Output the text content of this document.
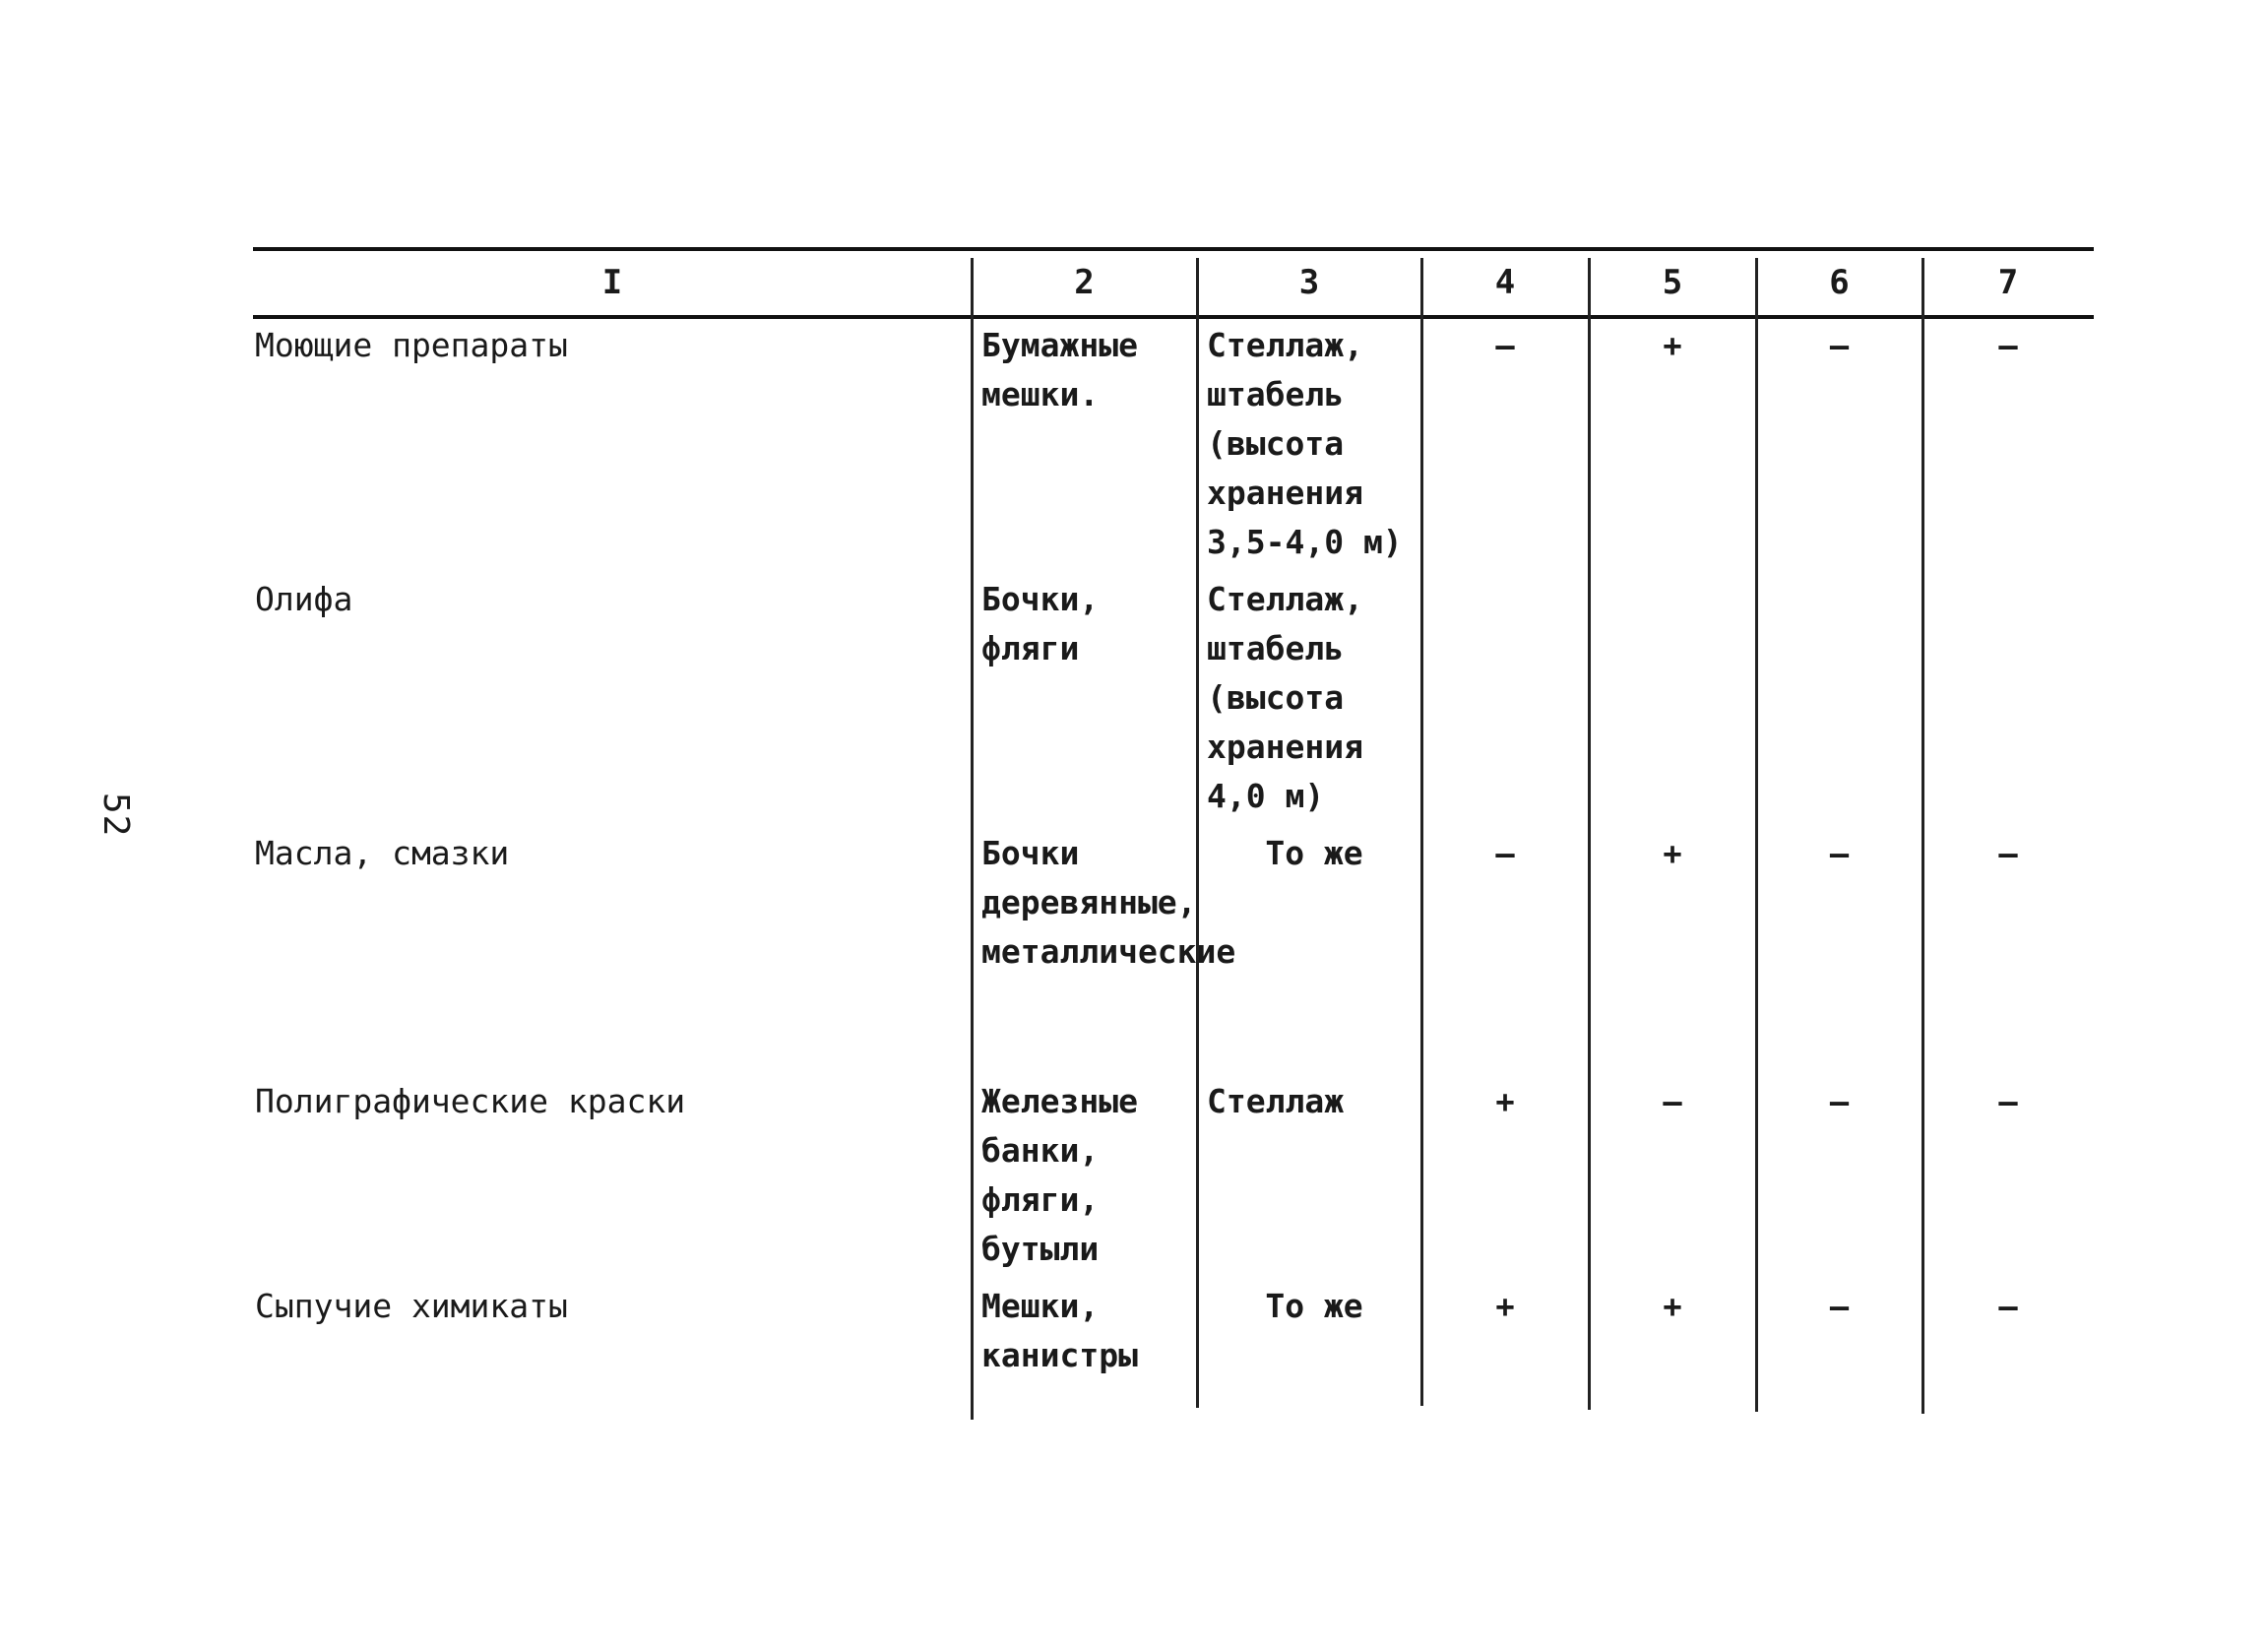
52
I	2	3	4	5	6	7

Моющие препараты	Бумажные мешки.	Стеллаж, штабель (высота хранения 3,5-4,0 м)	–	+	–	–

Олифа	Бочки, фляги	Стеллаж, штабель (высота хранения 4,0 м)				

Масла, смазки	Бочки деревянные, металлические	То же	–	+	–	–

Полиграфические краски	Железные банки, фляги, бутыли	Стеллаж	+	–	–	–

Сыпучие химикаты	Мешки, канистры	То же	+	+	–	–
